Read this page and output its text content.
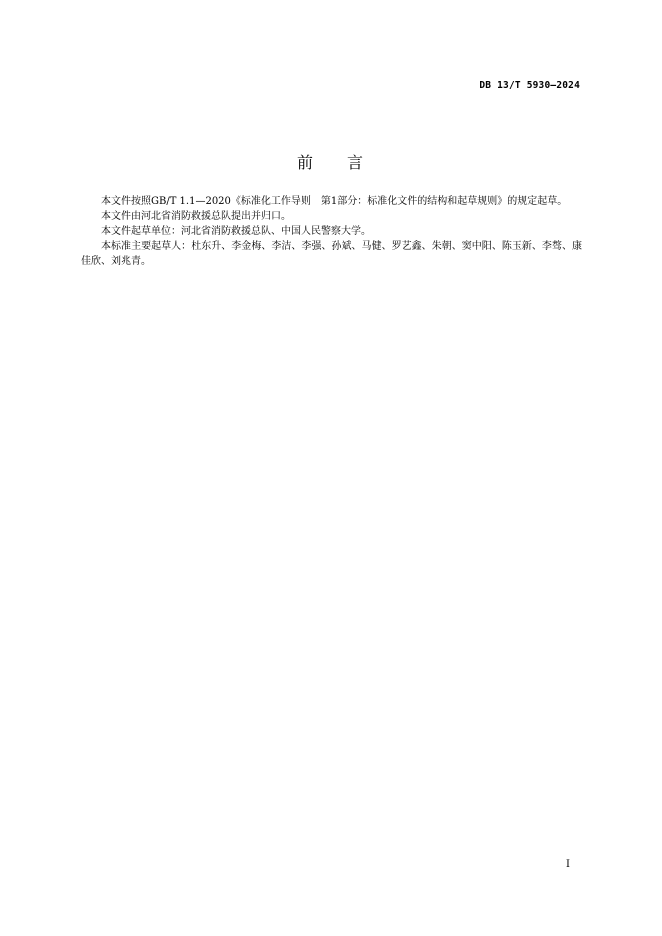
DB 13/T 5930—2024
前 言

本文件按照GB/T 1.1—2020《标准化工作导则　第1部分：标准化文件的结构和起草规则》的规定起草。

本文件由河北省消防救援总队提出并归口。

本文件起草单位：河北省消防救援总队、中国人民警察大学。

本标准主要起草人：杜东升、李金梅、李洁、李强、孙斌、马健、罗艺鑫、朱朝、窦中阳、陈玉新、李骜、康佳欣、刘兆青。

I
